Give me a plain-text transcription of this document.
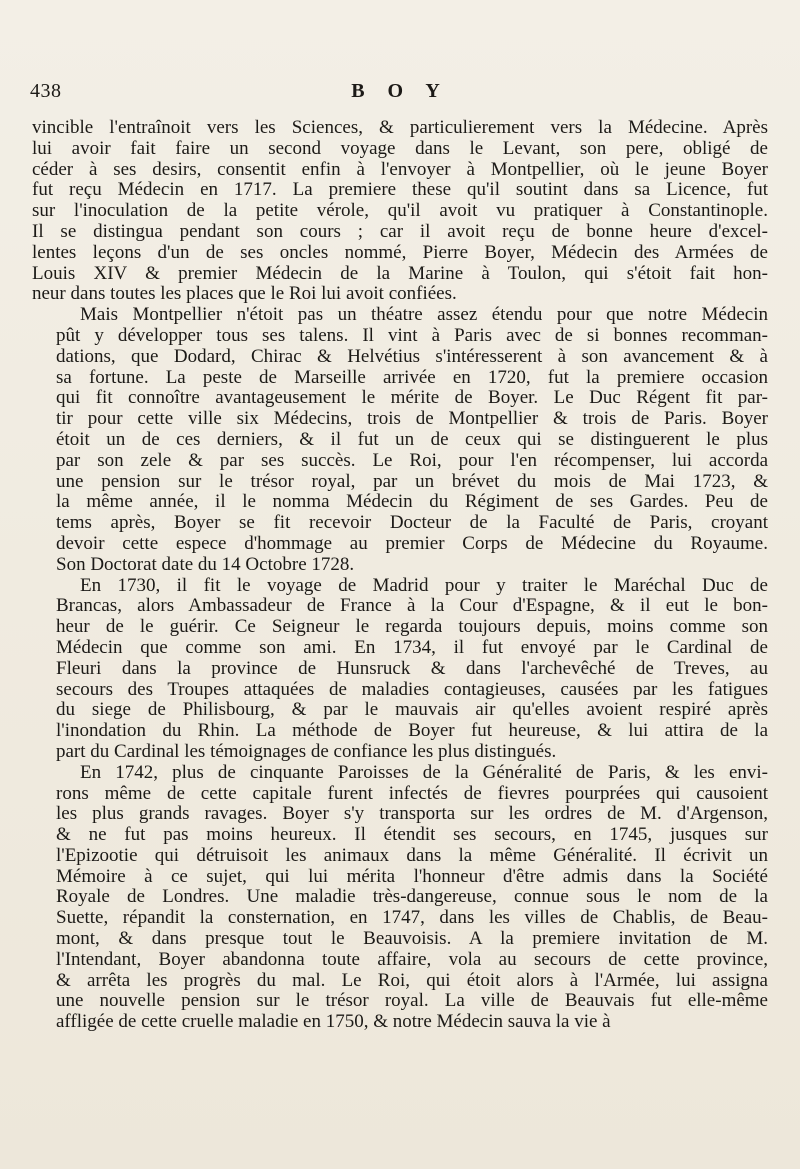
438	B O Y

vincible l'entraînoit vers les Sciences, & particulierement vers la Médecine. Après
lui avoir fait faire un second voyage dans le Levant, son pere, obligé de
céder à ses desirs, consentit enfin à l'envoyer à Montpellier, où le jeune Boyer
fut reçu Médecin en 1717. La premiere these qu'il soutint dans sa Licence, fut
sur l'inoculation de la petite vérole, qu'il avoit vu pratiquer à Constantinople.
Il se distingua pendant son cours ; car il avoit reçu de bonne heure d'excel-
lentes leçons d'un de ses oncles nommé, Pierre Boyer, Médecin des Armées de
Louis XIV & premier Médecin de la Marine à Toulon, qui s'étoit fait hon-
neur dans toutes les places que le Roi lui avoit confiées.

Mais Montpellier n'étoit pas un théatre assez étendu pour que notre Médecin
pût y développer tous ses talens. Il vint à Paris avec de si bonnes recomman-
dations, que Dodard, Chirac & Helvétius s'intéresserent à son avancement & à
sa fortune. La peste de Marseille arrivée en 1720, fut la premiere occasion
qui fit connoître avantageusement le mérite de Boyer. Le Duc Régent fit par-
tir pour cette ville six Médecins, trois de Montpellier & trois de Paris. Boyer
étoit un de ces derniers, & il fut un de ceux qui se distinguerent le plus
par son zele & par ses succès. Le Roi, pour l'en récompenser, lui accorda
une pension sur le trésor royal, par un brévet du mois de Mai 1723, &
la même année, il le nomma Médecin du Régiment de ses Gardes. Peu de
tems après, Boyer se fit recevoir Docteur de la Faculté de Paris, croyant
devoir cette espece d'hommage au premier Corps de Médecine du Royaume.
Son Doctorat date du 14 Octobre 1728.

En 1730, il fit le voyage de Madrid pour y traiter le Maréchal Duc de
Brancas, alors Ambassadeur de France à la Cour d'Espagne, & il eut le bon-
heur de le guérir. Ce Seigneur le regarda toujours depuis, moins comme son
Médecin que comme son ami. En 1734, il fut envoyé par le Cardinal de
Fleuri dans la province de Hunsruck & dans l'archevêché de Treves, au
secours des Troupes attaquées de maladies contagieuses, causées par les fatigues
du siege de Philisbourg, & par le mauvais air qu'elles avoient respiré après
l'inondation du Rhin. La méthode de Boyer fut heureuse, & lui attira de la
part du Cardinal les témoignages de confiance les plus distingués.

En 1742, plus de cinquante Paroisses de la Généralité de Paris, & les envi-
rons même de cette capitale furent infectés de fievres pourprées qui causoient
les plus grands ravages. Boyer s'y transporta sur les ordres de M. d'Argenson,
& ne fut pas moins heureux. Il étendit ses secours, en 1745, jusques sur
l'Epizootie qui détruisoit les animaux dans la même Généralité. Il écrivit un
Mémoire à ce sujet, qui lui mérita l'honneur d'être admis dans la Société
Royale de Londres. Une maladie très-dangereuse, connue sous le nom de la
Suette, répandit la consternation, en 1747, dans les villes de Chablis, de Beau-
mont, & dans presque tout le Beauvoisis. A la premiere invitation de M.
l'Intendant, Boyer abandonna toute affaire, vola au secours de cette province,
& arrêta les progrès du mal. Le Roi, qui étoit alors à l'Armée, lui assigna
une nouvelle pension sur le trésor royal. La ville de Beauvais fut elle-même
affligée de cette cruelle maladie en 1750, & notre Médecin sauva la vie à
